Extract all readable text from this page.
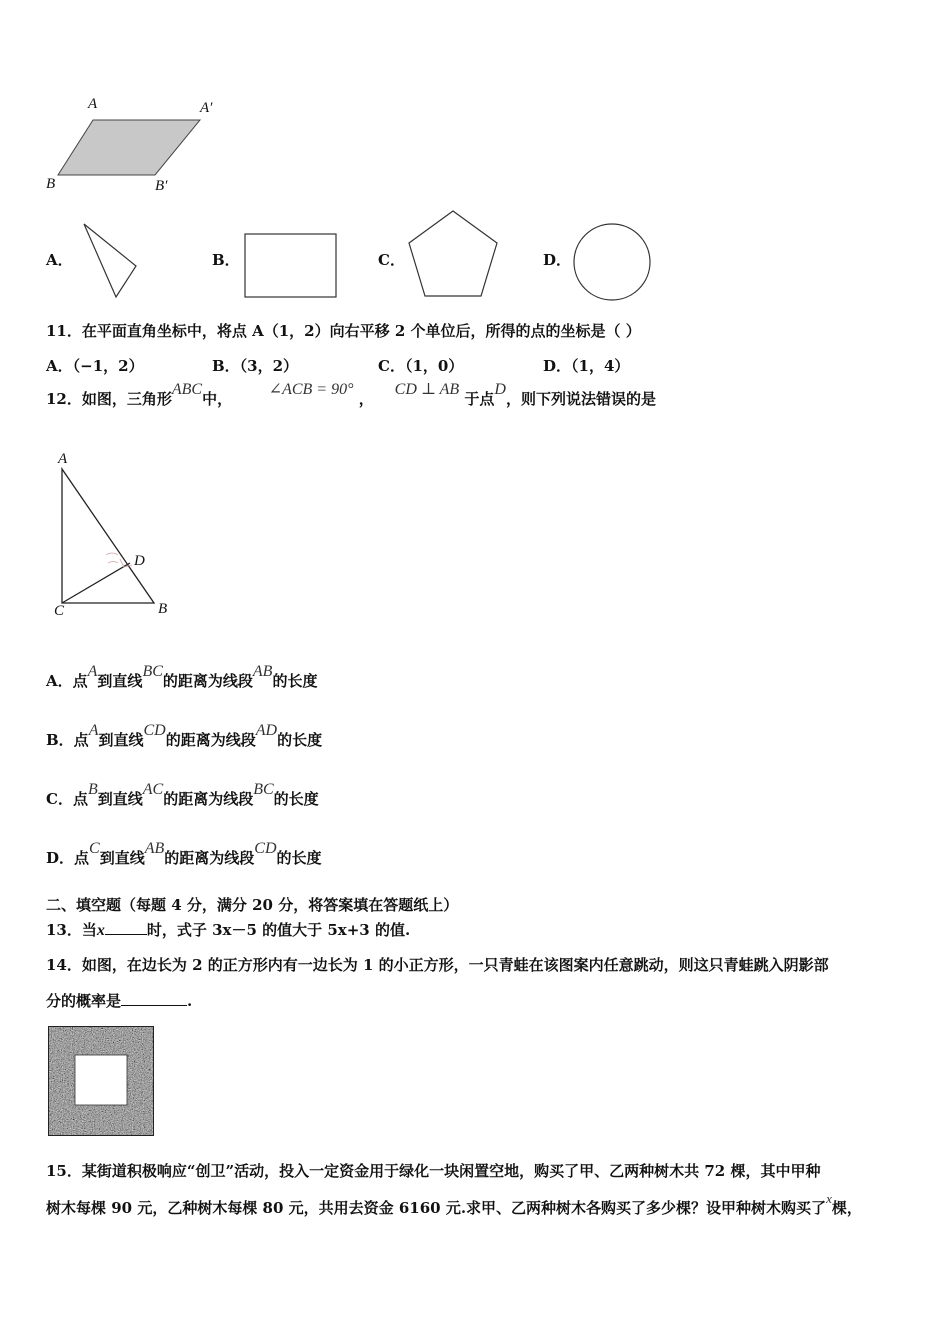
A	A′
B	B′
A．	B．	C．	D．
11．在平面直角坐标中，将点 A（1，2）向右平移 2 个单位后，所得的点的坐标是（ ）
A．（−1，2）	B．（3，2）	C．（1，0）	D．（1，4）
12．如图，三角形ABC中，       ∠ACB = 90° ，    CD ⊥ AB 于点D，则下列说法错误的是
A
D
C	B
A．点A到直线BC的距离为线段AB的长度
B．点A到直线CD的距离为线段AD的长度
C．点B到直线AC的距离为线段BC的长度
D．点C到直线AB的距离为线段CD的长度
二、填空题（每题 4 分，满分 20 分，将答案填在答题纸上）
13．当x	时，式子 3x－5 的值大于 5x+3 的值.
14．如图，在边长为 2 的正方形内有一边长为 1 的小正方形，一只青蛙在该图案内任意跳动，则这只青蛙跳入阴影部
分的概率是	.
15．某街道积极响应“创卫”活动，投入一定资金用于绿化一块闲置空地，购买了甲、乙两种树木共 72 棵，其中甲种
树木每棵 90 元，乙种树木每棵 80 元，共用去资金 6160 元.求甲、乙两种树木各购买了多少棵？设甲种树木购买了x棵，
